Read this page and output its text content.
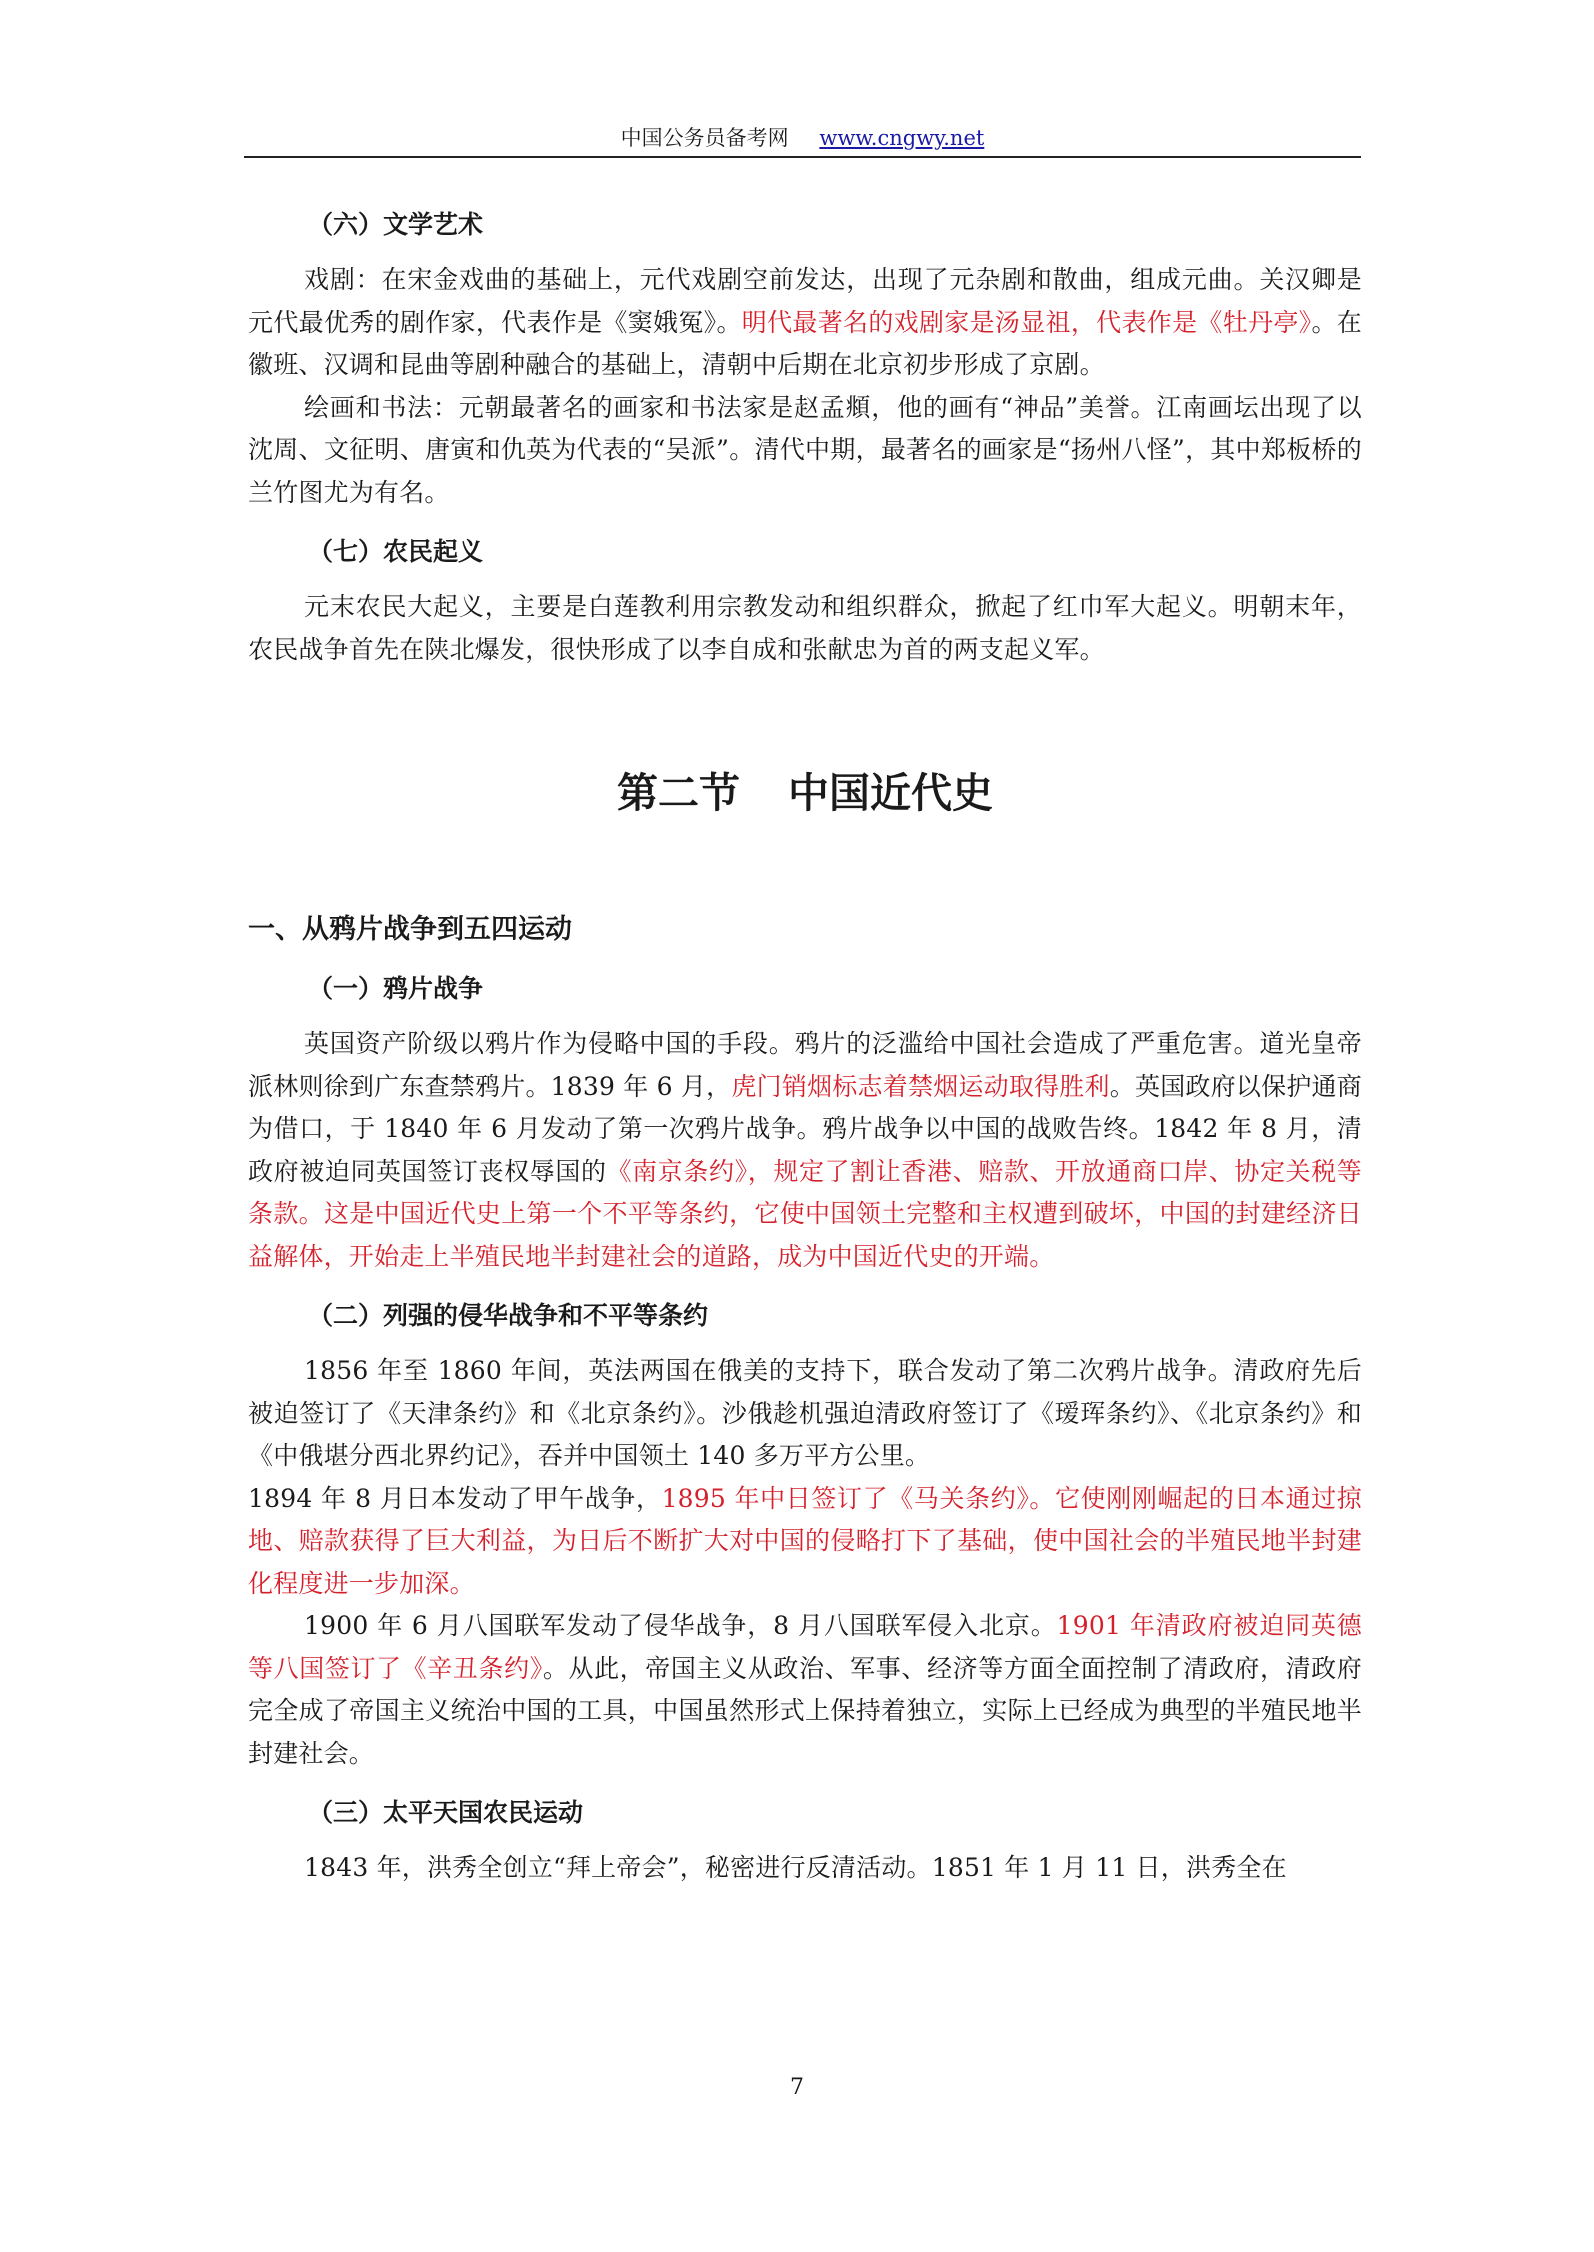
中国公务员备考网 www.cngwy.net
（六）文学艺术

戏剧：在宋金戏曲的基础上，元代戏剧空前发达，出现了元杂剧和散曲，组成元曲。关汉卿是元代最优秀的剧作家，代表作是《窦娥冤》。明代最著名的戏剧家是汤显祖，代表作是《牡丹亭》。在徽班、汉调和昆曲等剧种融合的基础上，清朝中后期在北京初步形成了京剧。

绘画和书法：元朝最著名的画家和书法家是赵孟頫，他的画有“神品”美誉。江南画坛出现了以沈周、文征明、唐寅和仇英为代表的“吴派”。清代中期，最著名的画家是“扬州八怪”，其中郑板桥的兰竹图尤为有名。

（七）农民起义

元末农民大起义，主要是白莲教利用宗教发动和组织群众，掀起了红巾军大起义。明朝末年，农民战争首先在陕北爆发，很快形成了以李自成和张献忠为首的两支起义军。

第二节 中国近代史
一、从鸦片战争到五四运动
（一）鸦片战争

英国资产阶级以鸦片作为侵略中国的手段。鸦片的泛滥给中国社会造成了严重危害。道光皇帝派林则徐到广东查禁鸦片。1839 年 6 月，虎门销烟标志着禁烟运动取得胜利。英国政府以保护通商为借口，于 1840 年 6 月发动了第一次鸦片战争。鸦片战争以中国的战败告终。1842 年 8 月，清政府被迫同英国签订丧权辱国的《南京条约》，规定了割让香港、赔款、开放通商口岸、协定关税等条款。这是中国近代史上第一个不平等条约，它使中国领土完整和主权遭到破坏，中国的封建经济日益解体，开始走上半殖民地半封建社会的道路，成为中国近代史的开端。

（二）列强的侵华战争和不平等条约

1856 年至 1860 年间，英法两国在俄美的支持下，联合发动了第二次鸦片战争。清政府先后被迫签订了《天津条约》和《北京条约》。沙俄趁机强迫清政府签订了《瑷珲条约》、《北京条约》和《中俄堪分西北界约记》，吞并中国领土 140 多万平方公里。

1894 年 8 月日本发动了甲午战争，1895 年中日签订了《马关条约》。它使刚刚崛起的日本通过掠地、赔款获得了巨大利益，为日后不断扩大对中国的侵略打下了基础，使中国社会的半殖民地半封建化程度进一步加深。

1900 年 6 月八国联军发动了侵华战争，8 月八国联军侵入北京。1901 年清政府被迫同英德等八国签订了《辛丑条约》。从此，帝国主义从政治、军事、经济等方面全面控制了清政府，清政府完全成了帝国主义统治中国的工具，中国虽然形式上保持着独立，实际上已经成为典型的半殖民地半封建社会。

（三）太平天国农民运动

1843 年，洪秀全创立“拜上帝会”，秘密进行反清活动。1851 年 1 月 11 日，洪秀全在

7
